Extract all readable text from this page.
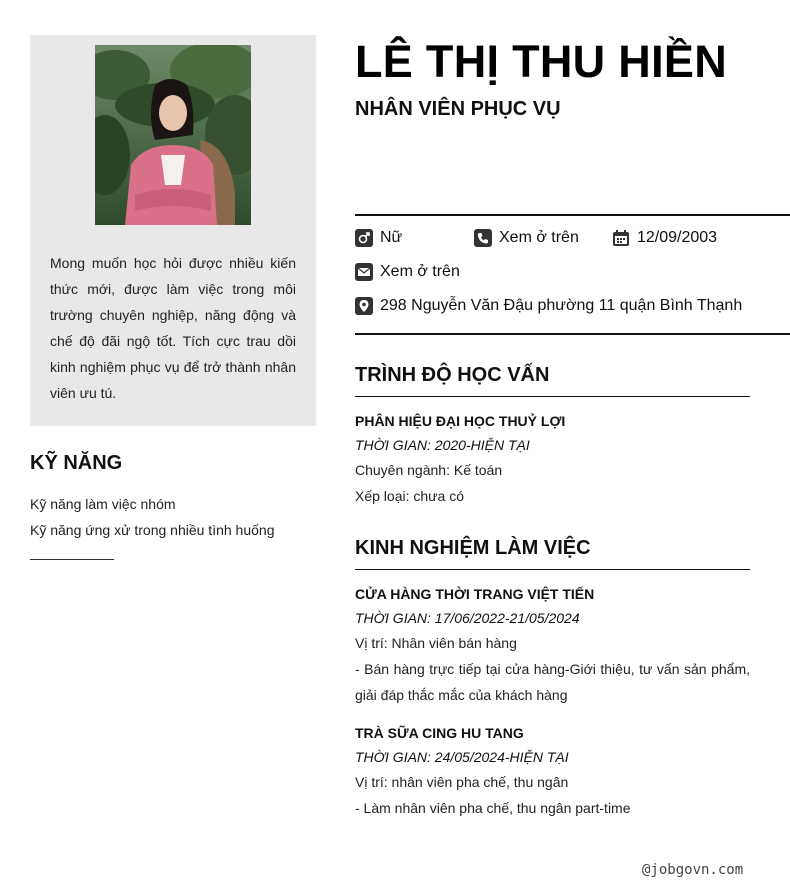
Mong muốn học hỏi được nhiều kiến thức mới, được làm việc trong môi trường chuyên nghiệp, năng động và chế độ đãi ngộ tốt. Tích cực trau dồi kinh nghiệm phục vụ để trở thành nhân viên ưu tú.
KỸ NĂNG
Kỹ năng làm việc nhóm
Kỹ năng ứng xử trong nhiều tình huống
LÊ THỊ THU HIỀN
NHÂN VIÊN PHỤC VỤ
Nữ	Xem ở trên	12/09/2003
Xem ở trên
298 Nguyễn Văn Đậu phường 11 quận Bình Thạnh
TRÌNH ĐỘ HỌC VẤN
PHÂN HIỆU ĐẠI HỌC THUỶ LỢI
THỜI GIAN: 2020-HIỆN TẠI
Chuyên ngành: Kế toán
Xếp loại: chưa có
KINH NGHIỆM LÀM VIỆC
CỬA HÀNG THỜI TRANG VIỆT TIẾN
THỜI GIAN: 17/06/2022-21/05/2024
Vị trí: Nhân viên bán hàng
- Bán hàng trực tiếp tại cửa hàng-Giới thiệu, tư vấn sản phẩm, giải đáp thắc mắc của khách hàng
TRÀ SỮA CING HU TANG
THỜI GIAN: 24/05/2024-HIỆN TẠI
Vị trí: nhân viên pha chế, thu ngân
- Làm nhân viên pha chế, thu ngân part-time
@jobgovn.com
